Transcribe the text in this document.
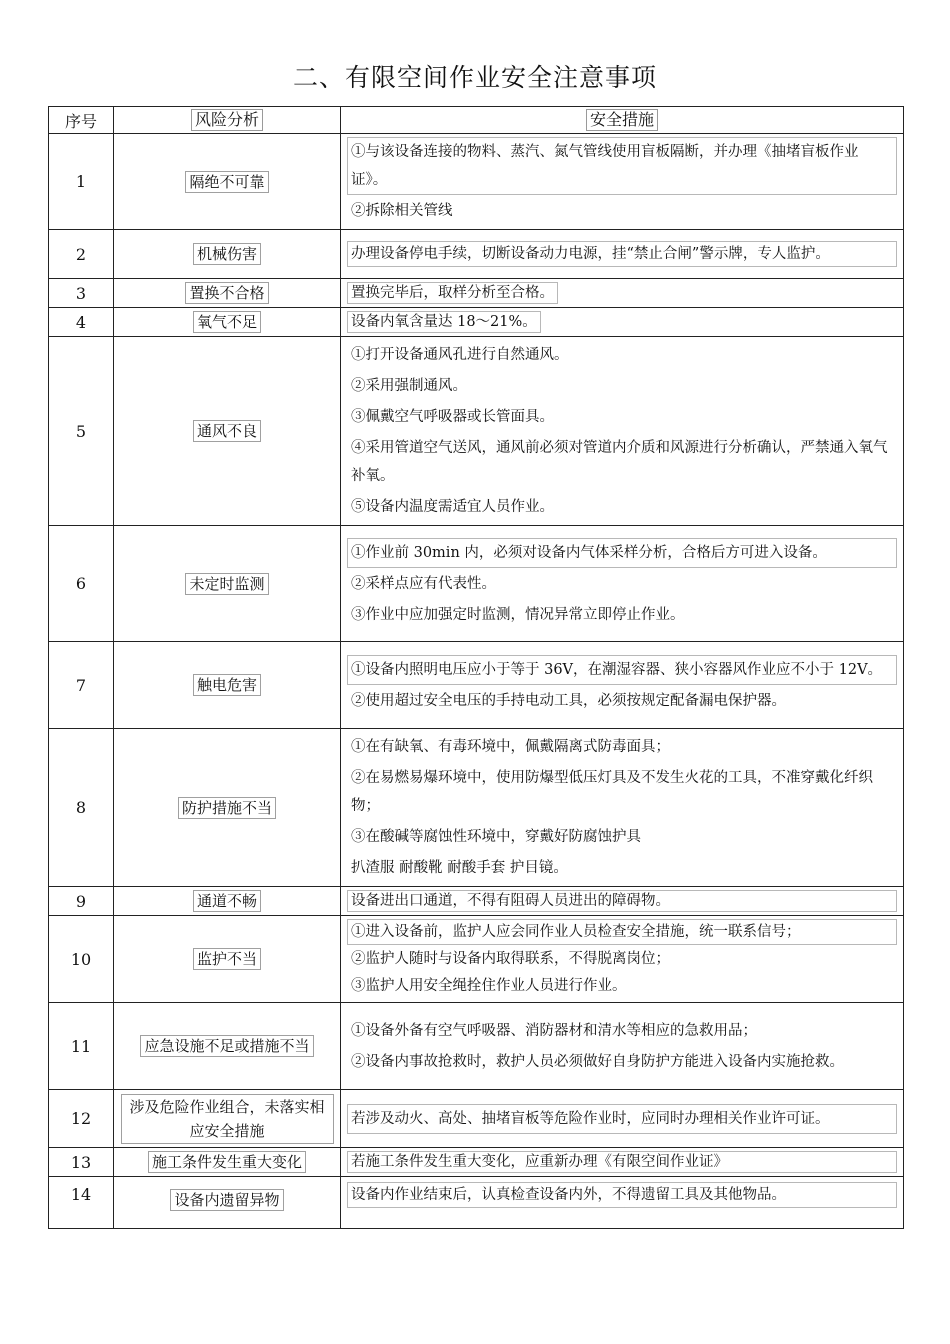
二、有限空间作业安全注意事项
序号	风险分析	安全措施
1	隔绝不可靠	①与该设备连接的物料、蒸汽、氮气管线使用盲板隔断，并办理《抽堵盲板作业证》。
②拆除相关管线

2	机械伤害	办理设备停电手续，切断设备动力电源，挂“禁止合闸”警示牌，专人监护。

3	置换不合格	置换完毕后，取样分析至合格。
4	氧气不足	设备内氧含量达 18～21%。
5	通风不良	①打开设备通风孔进行自然通风。
②采用强制通风。
③佩戴空气呼吸器或长管面具。
④采用管道空气送风，通风前必须对管道内介质和风源进行分析确认，严禁通入氧气补氧。
⑤设备内温度需适宜人员作业。

6	未定时监测	①作业前 30min 内，必须对设备内气体采样分析，合格后方可进入设备。
②采样点应有代表性。
③作业中应加强定时监测，情况异常立即停止作业。

7	触电危害	①设备内照明电压应小于等于 36V，在潮湿容器、狭小容器风作业应不小于 12V。
②使用超过安全电压的手持电动工具，必须按规定配备漏电保护器。

8	防护措施不当	①在有缺氧、有毒环境中，佩戴隔离式防毒面具；
②在易燃易爆环境中，使用防爆型低压灯具及不发生火花的工具，不准穿戴化纤织物；
③在酸碱等腐蚀性环境中，穿戴好防腐蚀护具
扒渣服 耐酸靴 耐酸手套 护目镜。

9	通道不畅	设备进出口通道，不得有阻碍人员进出的障碍物。

10	监护不当	①进入设备前，监护人应会同作业人员检查安全措施，统一联系信号；
②监护人随时与设备内取得联系，不得脱离岗位；
③监护人用安全绳拴住作业人员进行作业。

11	应急设施不足或措施不当	①设备外备有空气呼吸器、消防器材和清水等相应的急救用品；
②设备内事故抢救时，救护人员必须做好自身防护方能进入设备内实施抢救。

12	涉及危险作业组合，未落实相应安全措施	若涉及动火、高处、抽堵盲板等危险作业时，应同时办理相关作业许可证。

13	施工条件发生重大变化	若施工条件发生重大变化，应重新办理《有限空间作业证》

14	设备内遗留异物	设备内作业结束后，认真检查设备内外，不得遗留工具及其他物品。
